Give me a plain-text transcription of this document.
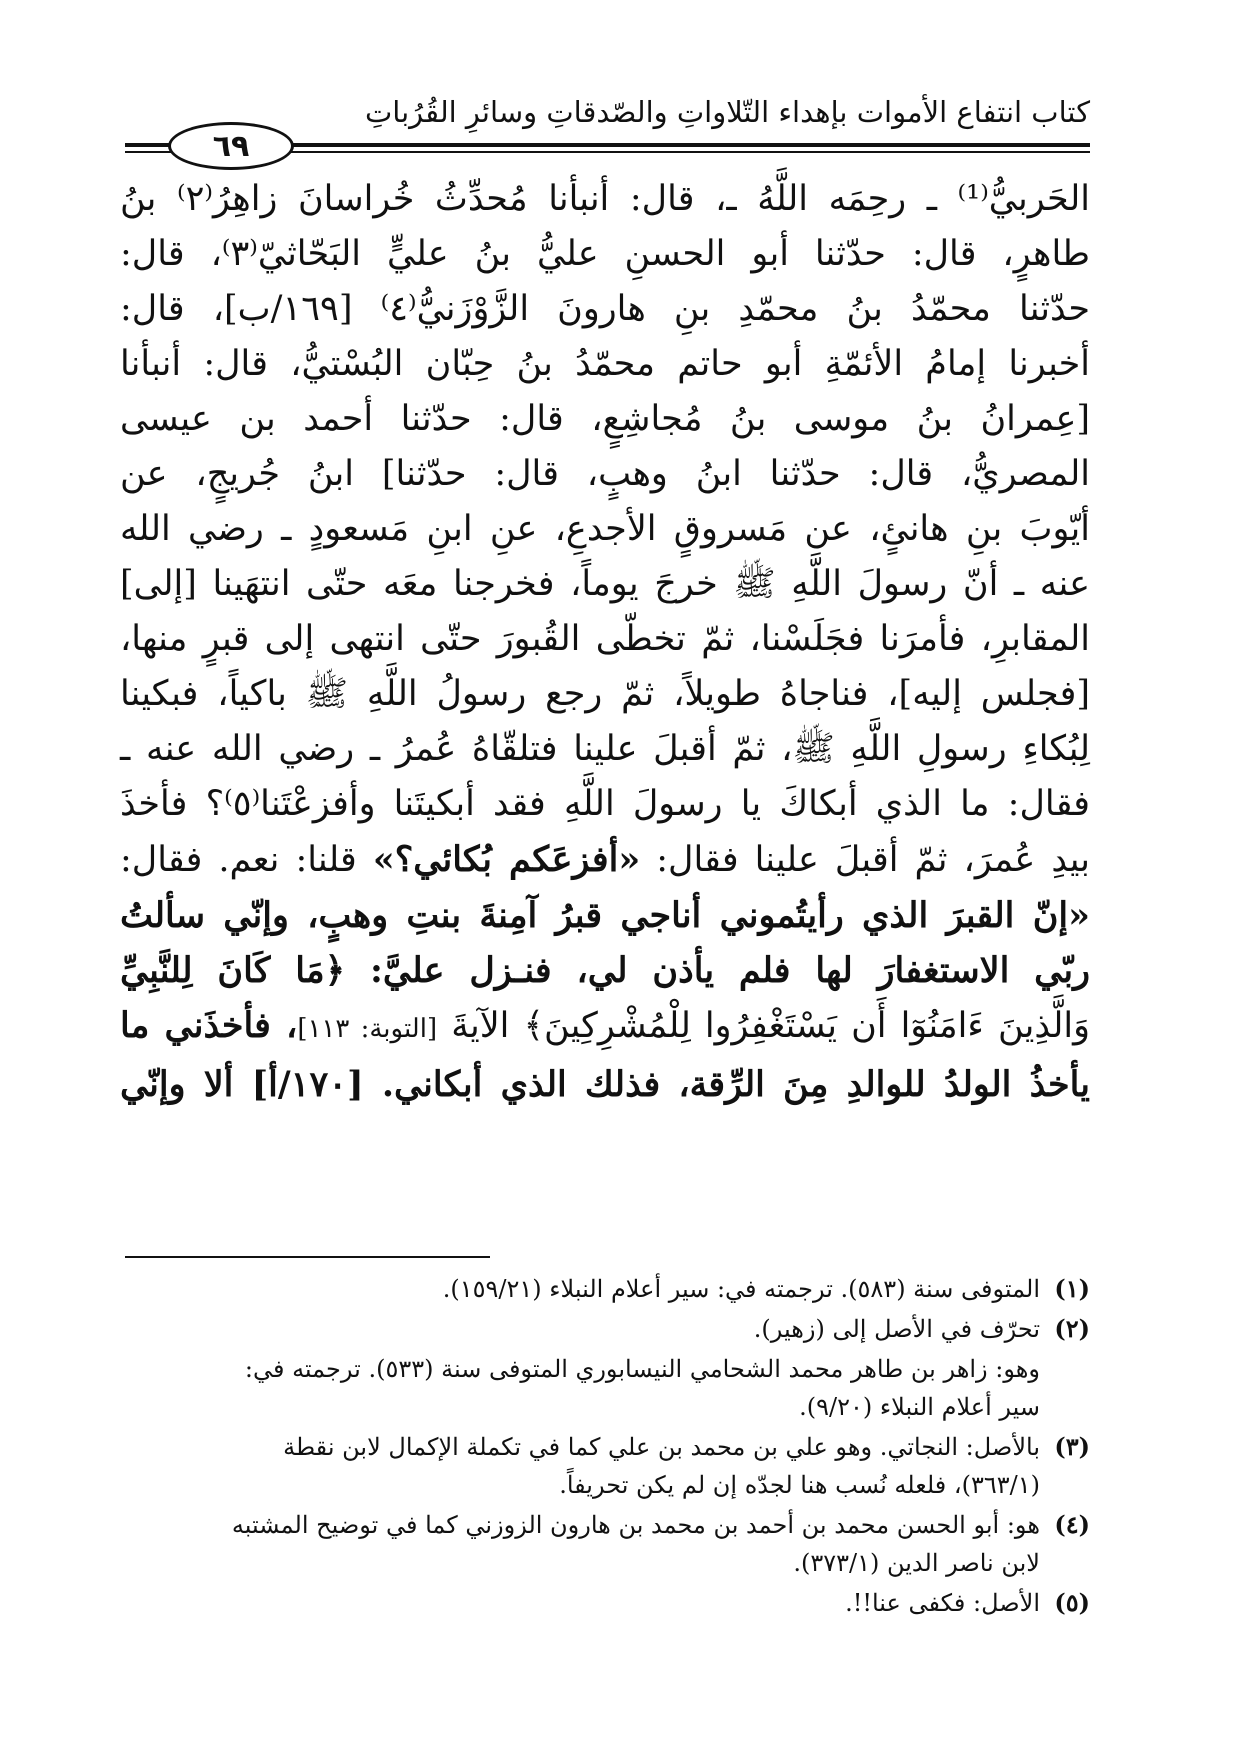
كتاب انتفاع الأموات بإهداء التّلاواتِ والصّدقاتِ وسائرِ القُرُباتِ
٦٩
الحَربيُّ⁽¹⁾ ـ رحِمَه اللَّهُ ـ، قال: أنبأنا مُحدِّثُ خُراسانَ زاهِرُ⁽٢⁾ بنُ
طاهرٍ، قال: حدّثنا أبو الحسنِ عليُّ بنُ عليٍّ البَحّاثيّ⁽٣⁾، قال:
حدّثنا محمّدُ بنُ محمّدِ بنِ هارونَ الزَّوْزَنيُّ⁽٤⁾ [١٦٩/ب]، قال:
أخبرنا إمامُ الأئمّةِ أبو حاتم محمّدُ بنُ حِبّان البُسْتيُّ، قال: أنبأنا
[عِمرانُ بنُ موسى بنُ مُجاشِعٍ، قال: حدّثنا أحمد بن عيسى
المصريُّ، قال: حدّثنا ابنُ وهبٍ، قال: حدّثنا] ابنُ جُريجٍ، عن
أيّوبَ بنِ هانئٍ، عن مَسروقٍ الأجدعِ، عنِ ابنِ مَسعودٍ ـ رضي الله
عنه ـ أنّ رسولَ اللَّهِ ﷺ خرجَ يوماً، فخرجنا معَه حتّى انتهَينا [إلى]
المقابرِ، فأمرَنا فجَلَسْنا، ثمّ تخطّى القُبورَ حتّى انتهى إلى قبرٍ منها،
[فجلس إليه]، فناجاهُ طويلاً، ثمّ رجع رسولُ اللَّهِ ﷺ باكياً، فبكينا
لِبُكاءِ رسولِ اللَّهِ ﷺ، ثمّ أقبلَ علينا فتلقّاهُ عُمرُ ـ رضي الله عنه ـ
فقال: ما الذي أبكاكَ يا رسولَ اللَّهِ فقد أبكيتَنا وأفزعْتَنا⁽٥⁾؟ فأخذَ
بيدِ عُمرَ، ثمّ أقبلَ علينا فقال: «أفزعَكم بُكائي؟» قلنا: نعم. فقال:
«إنّ القبرَ الذي رأيتُموني أناجي قبرُ آمِنةَ بنتِ وهبٍ، وإنّي سألتُ
ربّي الاستغفارَ لها فلم يأذن لي، فنـزل عليَّ: ﴿مَا كَانَ لِلنَّبِيِّ
وَالَّذِينَ ءَامَنُوٓا أَن يَسْتَغْفِرُوا لِلْمُشْرِكِينَ﴾ الآيةَ [التوبة: ١١٣]، فأخذَني ما
يأخذُ الولدُ للوالدِ مِنَ الرِّقة، فذلك الذي أبكاني. [١٧٠/أ] ألا وإنّي
(١)
المتوفى سنة (٥٨٣). ترجمته في: سير أعلام النبلاء (١٥٩/٢١).
(٢)
تحرّف في الأصل إلى (زهير).
وهو: زاهر بن طاهر محمد الشحامي النيسابوري المتوفى سنة (٥٣٣). ترجمته في:
سير أعلام النبلاء (٩/٢٠).
(٣)
بالأصل: النجاتي. وهو علي بن محمد بن علي كما في تكملة الإكمال لابن نقطة
(٣٦٣/١)، فلعله نُسب هنا لجدّه إن لم يكن تحريفاً.
(٤)
هو: أبو الحسن محمد بن أحمد بن محمد بن هارون الزوزني كما في توضيح المشتبه
لابن ناصر الدين (٣٧٣/١).
(٥)
الأصل: فكفى عنا!!.
